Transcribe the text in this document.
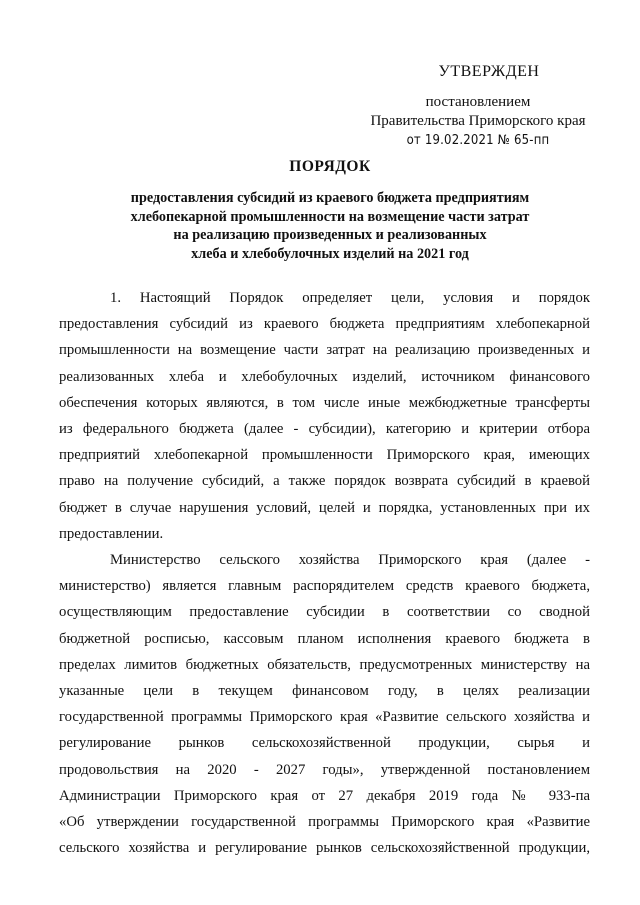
УТВЕРЖДЕН
постановлением
Правительства Приморского края
от 19.02.2021 № 65-пп
ПОРЯДОК
предоставления субсидий из краевого бюджета предприятиям
хлебопекарной промышленности на возмещение части затрат
на реализацию произведенных и реализованных
хлеба и хлебобулочных изделий на 2021 год
1. Настоящий Порядок определяет цели, условия и порядок
предоставления субсидий из краевого бюджета предприятиям хлебопекарной
промышленности на возмещение части затрат на реализацию произведенных и
реализованных хлеба и хлебобулочных изделий, источником финансового
обеспечения которых являются, в том числе иные межбюджетные трансферты
из федерального бюджета (далее - субсидии), категорию и критерии отбора
предприятий хлебопекарной промышленности Приморского края, имеющих
право на получение субсидий, а также порядок возврата субсидий в краевой
бюджет в случае нарушения условий, целей и порядка, установленных при их
предоставлении.
Министерство сельского хозяйства Приморского края (далее -
министерство) является главным распорядителем средств краевого бюджета,
осуществляющим предоставление субсидии в соответствии со сводной
бюджетной росписью, кассовым планом исполнения краевого бюджета в
пределах лимитов бюджетных обязательств, предусмотренных министерству на
указанные цели в текущем финансовом году, в целях реализации
государственной программы Приморского края «Развитие сельского хозяйства и
регулирование рынков сельскохозяйственной продукции, сырья и
продовольствия на 2020 - 2027 годы», утвержденной постановлением
Администрации Приморского края от 27 декабря 2019 года № 933-па
«Об утверждении государственной программы Приморского края «Развитие
сельского хозяйства и регулирование рынков сельскохозяйственной продукции,
